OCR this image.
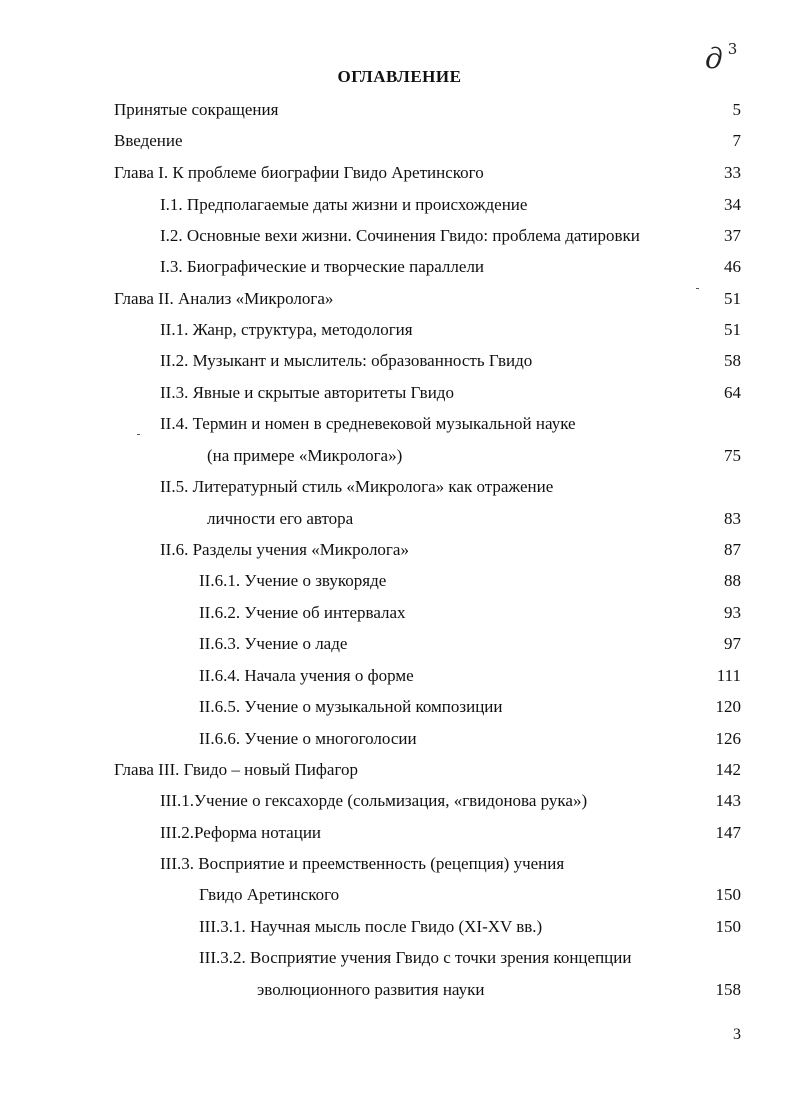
д $^3$
ОГЛАВЛЕНИЕ
Принятые сокращения	5
Введение	7
Глава I. К проблеме биографии Гвидо Аретинского	33
I.1. Предполагаемые даты жизни и происхождение	34
I.2. Основные вехи жизни. Сочинения Гвидо: проблема датировки	37
I.3. Биографические и творческие параллели	46
Глава II. Анализ «Микролога»	51
II.1. Жанр, структура, методология	51
II.2. Музыкант и мыслитель: образованность Гвидо	58
II.3. Явные и скрытые авторитеты Гвидо	64
II.4. Термин и номен в средневековой музыкальной науке
(на примере «Микролога»)	75
II.5. Литературный стиль «Микролога» как отражение
личности его автора	83
II.6. Разделы учения «Микролога»	87
II.6.1. Учение о звукоряде	88
II.6.2. Учение об интервалах	93
II.6.3. Учение о ладе	97
II.6.4. Начала учения о форме	111
II.6.5. Учение о музыкальной композиции	120
II.6.6. Учение о многоголосии	126
Глава III. Гвидо – новый Пифагор	142
III.1.Учение о гексахорде (сольмизация, «гвидонова рука»)	143
III.2.Реформа нотации	147
III.3. Восприятие и преемственность (рецепция) учения
Гвидо Аретинского	150
III.3.1. Научная мысль после Гвидо (XI-XV вв.)	150
III.3.2. Восприятие учения Гвидо с точки зрения концепции
эволюционного развития науки	158
3
